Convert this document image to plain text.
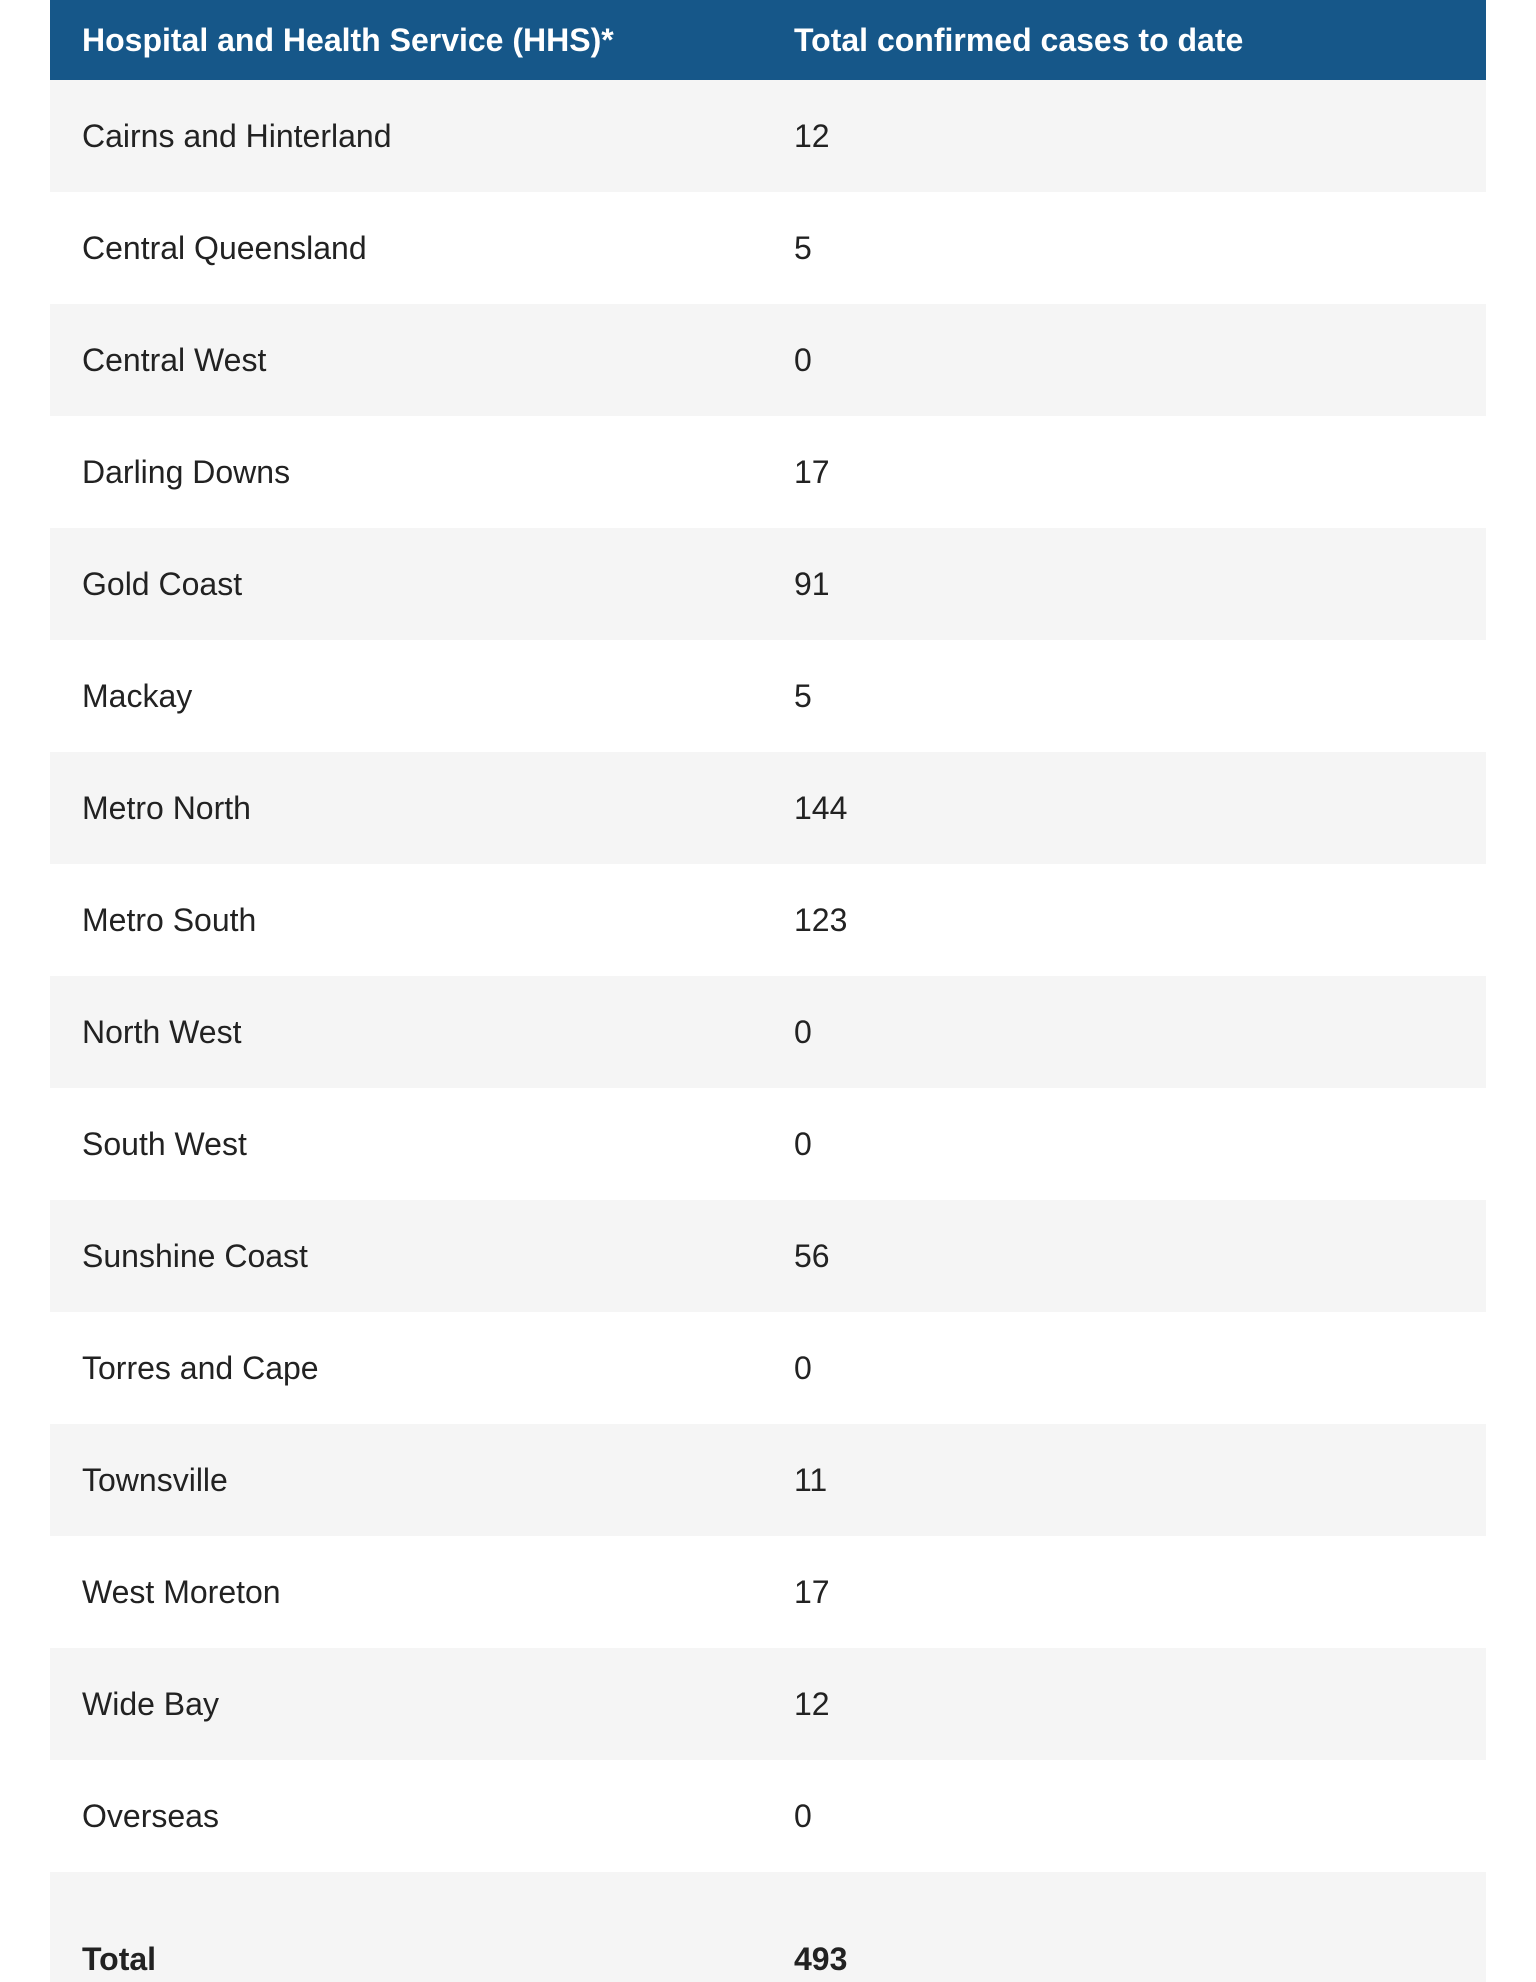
Hospital and Health Service (HHS)*	Total confirmed cases to date
Cairns and Hinterland	12
Central Queensland	5
Central West	0
Darling Downs	17
Gold Coast	91
Mackay	5
Metro North	144
Metro South	123
North West	0
South West	0
Sunshine Coast	56
Torres and Cape	0
Townsville	11
West Moreton	17
Wide Bay	12
Overseas	0
Total	493
